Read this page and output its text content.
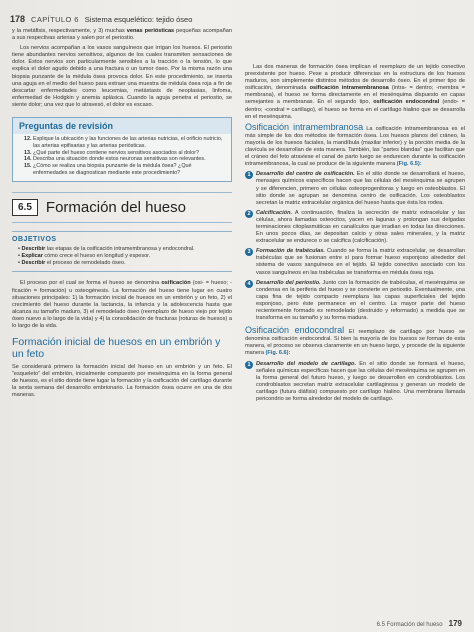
178 CAPÍTULO 6 Sistema esquelético: tejido óseo

y la metáfisis, respectivamente, y 3) muchas venas periósticas pequeñas acompañan a sus respectivas arterias y salen por el periostio.

Los nervios acompañan a los vasos sanguíneos que irrigan los huesos. El periostio tiene abundantes nervios sensitivos, algunos de los cuales transmiten sensaciones de dolor. Estos nervios son particularmente sensibles a la tracción o la tensión, lo que explica el dolor agudo debido a una fractura o un tumor óseo. Por la misma razón una biopsia punzante de la médula ósea provoca dolor. En este procedimiento, se inserta una aguja en el medio del hueso para extraer una muestra de médula ósea roja a fin de descartar enfermedades como leucemias, metástasis de neoplasias, linfoma, enfermedad de Hodgkin y anemia aplásica. Cuando la aguja penetra el periostio, se siente dolor; una vez que lo atravesó, el dolor es escaso.

Preguntas de revisión
12. Explique la ubicación y las funciones de las arterias nutricias, el orificio nutricio, las arterias epifisarias y las arterias periósticas.
13. ¿Qué parte del hueso contiene nervios sensitivos asociados al dolor?
14. Describa una situación donde estos neuronas sensitivas son relevantes.
15. ¿Cómo se realiza una biopsia punzante de la médula ósea? ¿Qué enfermedades se diagnostican mediante este procedimiento?
6.5 Formación del hueso
OBJETIVOS
• Describir las etapas de la osificación intramembranosa y endocondral.
• Explicar cómo crece el hueso en longitud y espesor.
• Describir el proceso de remodelado óseo.

El proceso por el cual se forma el hueso se denomina osificación (osi- = hueso; -ficación = formación) u osteogénesis. La formación del hueso tiene lugar en cuatro situaciones principales: 1) la formación inicial de huesos en un embrión y un feto, 2) el crecimiento del hueso durante la lactancia, la infancia y la adolescencia hasta que alcanza su tamaño maduro, 3) el remodelado óseo (reemplazo de hueso viejo por tejido óseo nuevo a lo largo de la vida) y 4) la consolidación de fracturas (roturas de huesos) a lo largo de la vida.

Formación inicial de huesos en un embrión y un feto

Se considerará primero la formación inicial del hueso en un embrión y un feto. El “esqueleto” del embrión, inicialmente compuesto por mesénquima en la forma general de huesos, es el sitio donde tiene lugar la formación y la osificación del cartílago durante la sexta semana del desarrollo embrionario. La formación ósea ocurre en una de dos maneras.

Las dos maneras de formación ósea implican el reemplazo de un tejido conectivo preexistente por hueso. Pese a producir diferencias en la estructura de los huesos maduros, son simplemente distintos métodos de desarrollo óseo. En el primer tipo de osificación, denominada osificación intramembranosa (intra- = dentro; -membra = membrana), el hueso se forma directamente en el mesénquima dispuesto en capas semejantes a membranas. En el segundo tipo, osificación endocondral (endo- = dentro; -condral = cartílago), el hueso se forma en el cartílago hialino que se desarrolla en el mesénquima.

Osificación intramembranosa La osificación intramembranosa es el más simple de los dos métodos de formación ósea. Los huesos planos del cráneo, la mayoría de los huesos faciales, la mandíbula (maxilar inferior) y la porción media de la clavícula se desarrollan de esta manera. También, las “partes blandas” que facilitan que el cráneo del feto atraviese el canal de parto luego se endurecen durante la osificación intramembranosa, la cual se produce de la siguiente manera (Fig. 6.5):

1 Desarrollo del centro de osificación. En el sitio donde se desarrollará el hueso, mensajes químicos específicos hacen que las células del mesénquima se agrupen y se diferencien, primero en células osteoprogenitoras y luego en osteoblastos. El sitio donde se agrupan se denomina centro de osificación. Los osteoblastos secretan la matriz extracelular orgánica del hueso hasta que ésta los rodea.

2 Calcificación. A continuación, finaliza la secreción de matriz extracelular y las células, ahora llamadas osteocitos, yacen en lagunas y prolongan sus delgadas terminaciones citoplasmáticas en canalículos que irradian en todas las direcciones. En unos pocos días, se depositan calcio y otras sales minerales, y la matriz extracelular se endurece o se calcifica (calcificación).

3 Formación de trabéculas. Cuando se forma la matriz extracelular, se desarrollan trabéculas que se fusionan entre sí para formar hueso esponjoso alrededor del sistema de vasos sanguíneos en el tejido. El tejido conectivo asociado con los vasos sanguíneos en las trabéculas se transforma en médula ósea roja.

4 Desarrollo del periostio. Junto con la formación de trabéculas, el mesénquima se condensa en la periferia del hueso y se convierte en periostio. Eventualmente, una capa fina de tejido compacto reemplaza las capas superficiales del tejido esponjoso, pero éste permanece en el centro. La mayor parte del hueso recientemente formado es remodelado (destruido y reformado) a medida que se transforma en su tamaño y su forma madura.

Osificación endocondral El reemplazo de cartílago por hueso se denomina osificación endocondral. Si bien la mayoría de los huesos se forman de esta manera, el proceso se observa claramente en un hueso largo, y procede de la siguiente manera (Fig. 6.6):

1 Desarrollo del modelo de cartílago. En el sitio donde se formará el hueso, señales químicas específicas hacen que las células del mesénquima se agrupen en la forma general del futuro hueso, y luego se desarrollen en condroblastos. Los condroblastos secretan matriz extracelular cartilaginosa y generan un modelo de cartílago (futura diáfisis) compuesto por cartílago hialino. Una membrana llamada pericondrio se forma alrededor del modelo de cartílago.

6.5 Formación del hueso 179
